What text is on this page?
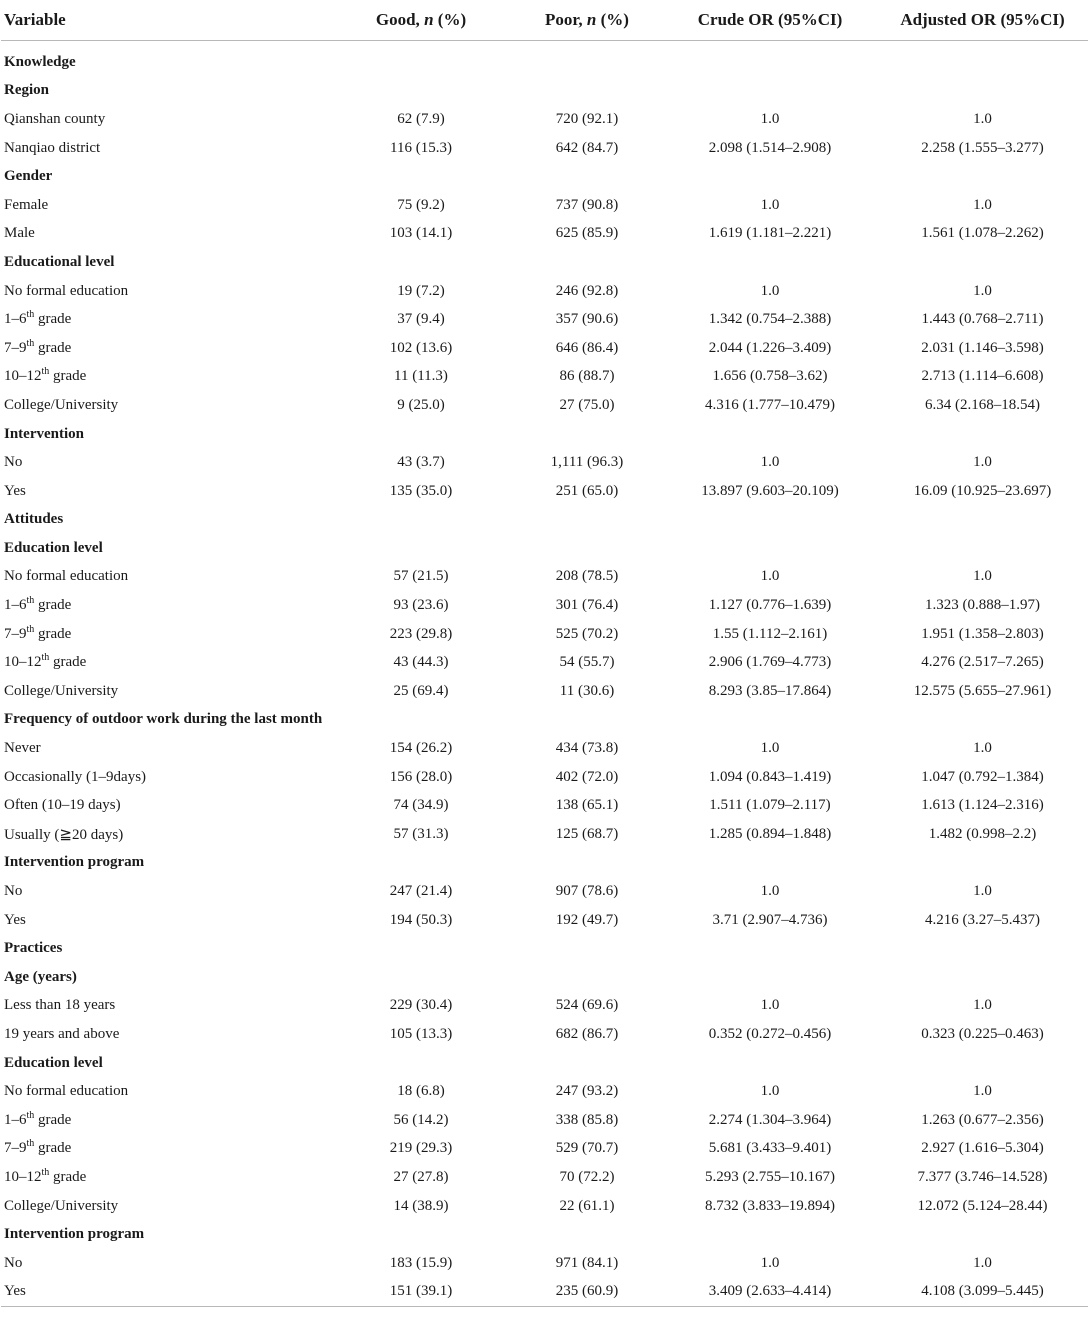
Variable	Good, n (%)	Poor, n (%)	Crude OR (95%CI)	Adjusted OR (95%CI)

Knowledge				
Region				
Qianshan county	62 (7.9)	720 (92.1)	1.0	1.0
Nanqiao district	116 (15.3)	642 (84.7)	2.098 (1.514–2.908)	2.258 (1.555–3.277)
Gender				
Female	75 (9.2)	737 (90.8)	1.0	1.0
Male	103 (14.1)	625 (85.9)	1.619 (1.181–2.221)	1.561 (1.078–2.262)
Educational level				
No formal education	19 (7.2)	246 (92.8)	1.0	1.0
1–6th grade	37 (9.4)	357 (90.6)	1.342 (0.754–2.388)	1.443 (0.768–2.711)
7–9th grade	102 (13.6)	646 (86.4)	2.044 (1.226–3.409)	2.031 (1.146–3.598)
10–12th grade	11 (11.3)	86 (88.7)	1.656 (0.758–3.62)	2.713 (1.114–6.608)
College/University	9 (25.0)	27 (75.0)	4.316 (1.777–10.479)	6.34 (2.168–18.54)
Intervention				
No	43 (3.7)	1,111 (96.3)	1.0	1.0
Yes	135 (35.0)	251 (65.0)	13.897 (9.603–20.109)	16.09 (10.925–23.697)
Attitudes				
Education level				
No formal education	57 (21.5)	208 (78.5)	1.0	1.0
1–6th grade	93 (23.6)	301 (76.4)	1.127 (0.776–1.639)	1.323 (0.888–1.97)
7–9th grade	223 (29.8)	525 (70.2)	1.55 (1.112–2.161)	1.951 (1.358–2.803)
10–12th grade	43 (44.3)	54 (55.7)	2.906 (1.769–4.773)	4.276 (2.517–7.265)
College/University	25 (69.4)	11 (30.6)	8.293 (3.85–17.864)	12.575 (5.655–27.961)
Frequency of outdoor work during the last month				
Never	154 (26.2)	434 (73.8)	1.0	1.0
Occasionally (1–9days)	156 (28.0)	402 (72.0)	1.094 (0.843–1.419)	1.047 (0.792–1.384)
Often (10–19 days)	74 (34.9)	138 (65.1)	1.511 (1.079–2.117)	1.613 (1.124–2.316)
Usually (≧20 days)	57 (31.3)	125 (68.7)	1.285 (0.894–1.848)	1.482 (0.998–2.2)
Intervention program				
No	247 (21.4)	907 (78.6)	1.0	1.0
Yes	194 (50.3)	192 (49.7)	3.71 (2.907–4.736)	4.216 (3.27–5.437)
Practices				
Age (years)				
Less than 18 years	229 (30.4)	524 (69.6)	1.0	1.0
19 years and above	105 (13.3)	682 (86.7)	0.352 (0.272–0.456)	0.323 (0.225–0.463)
Education level				
No formal education	18 (6.8)	247 (93.2)	1.0	1.0
1–6th grade	56 (14.2)	338 (85.8)	2.274 (1.304–3.964)	1.263 (0.677–2.356)
7–9th grade	219 (29.3)	529 (70.7)	5.681 (3.433–9.401)	2.927 (1.616–5.304)
10–12th grade	27 (27.8)	70 (72.2)	5.293 (2.755–10.167)	7.377 (3.746–14.528)
College/University	14 (38.9)	22 (61.1)	8.732 (3.833–19.894)	12.072 (5.124–28.44)
Intervention program				
No	183 (15.9)	971 (84.1)	1.0	1.0
Yes	151 (39.1)	235 (60.9)	3.409 (2.633–4.414)	4.108 (3.099–5.445)
